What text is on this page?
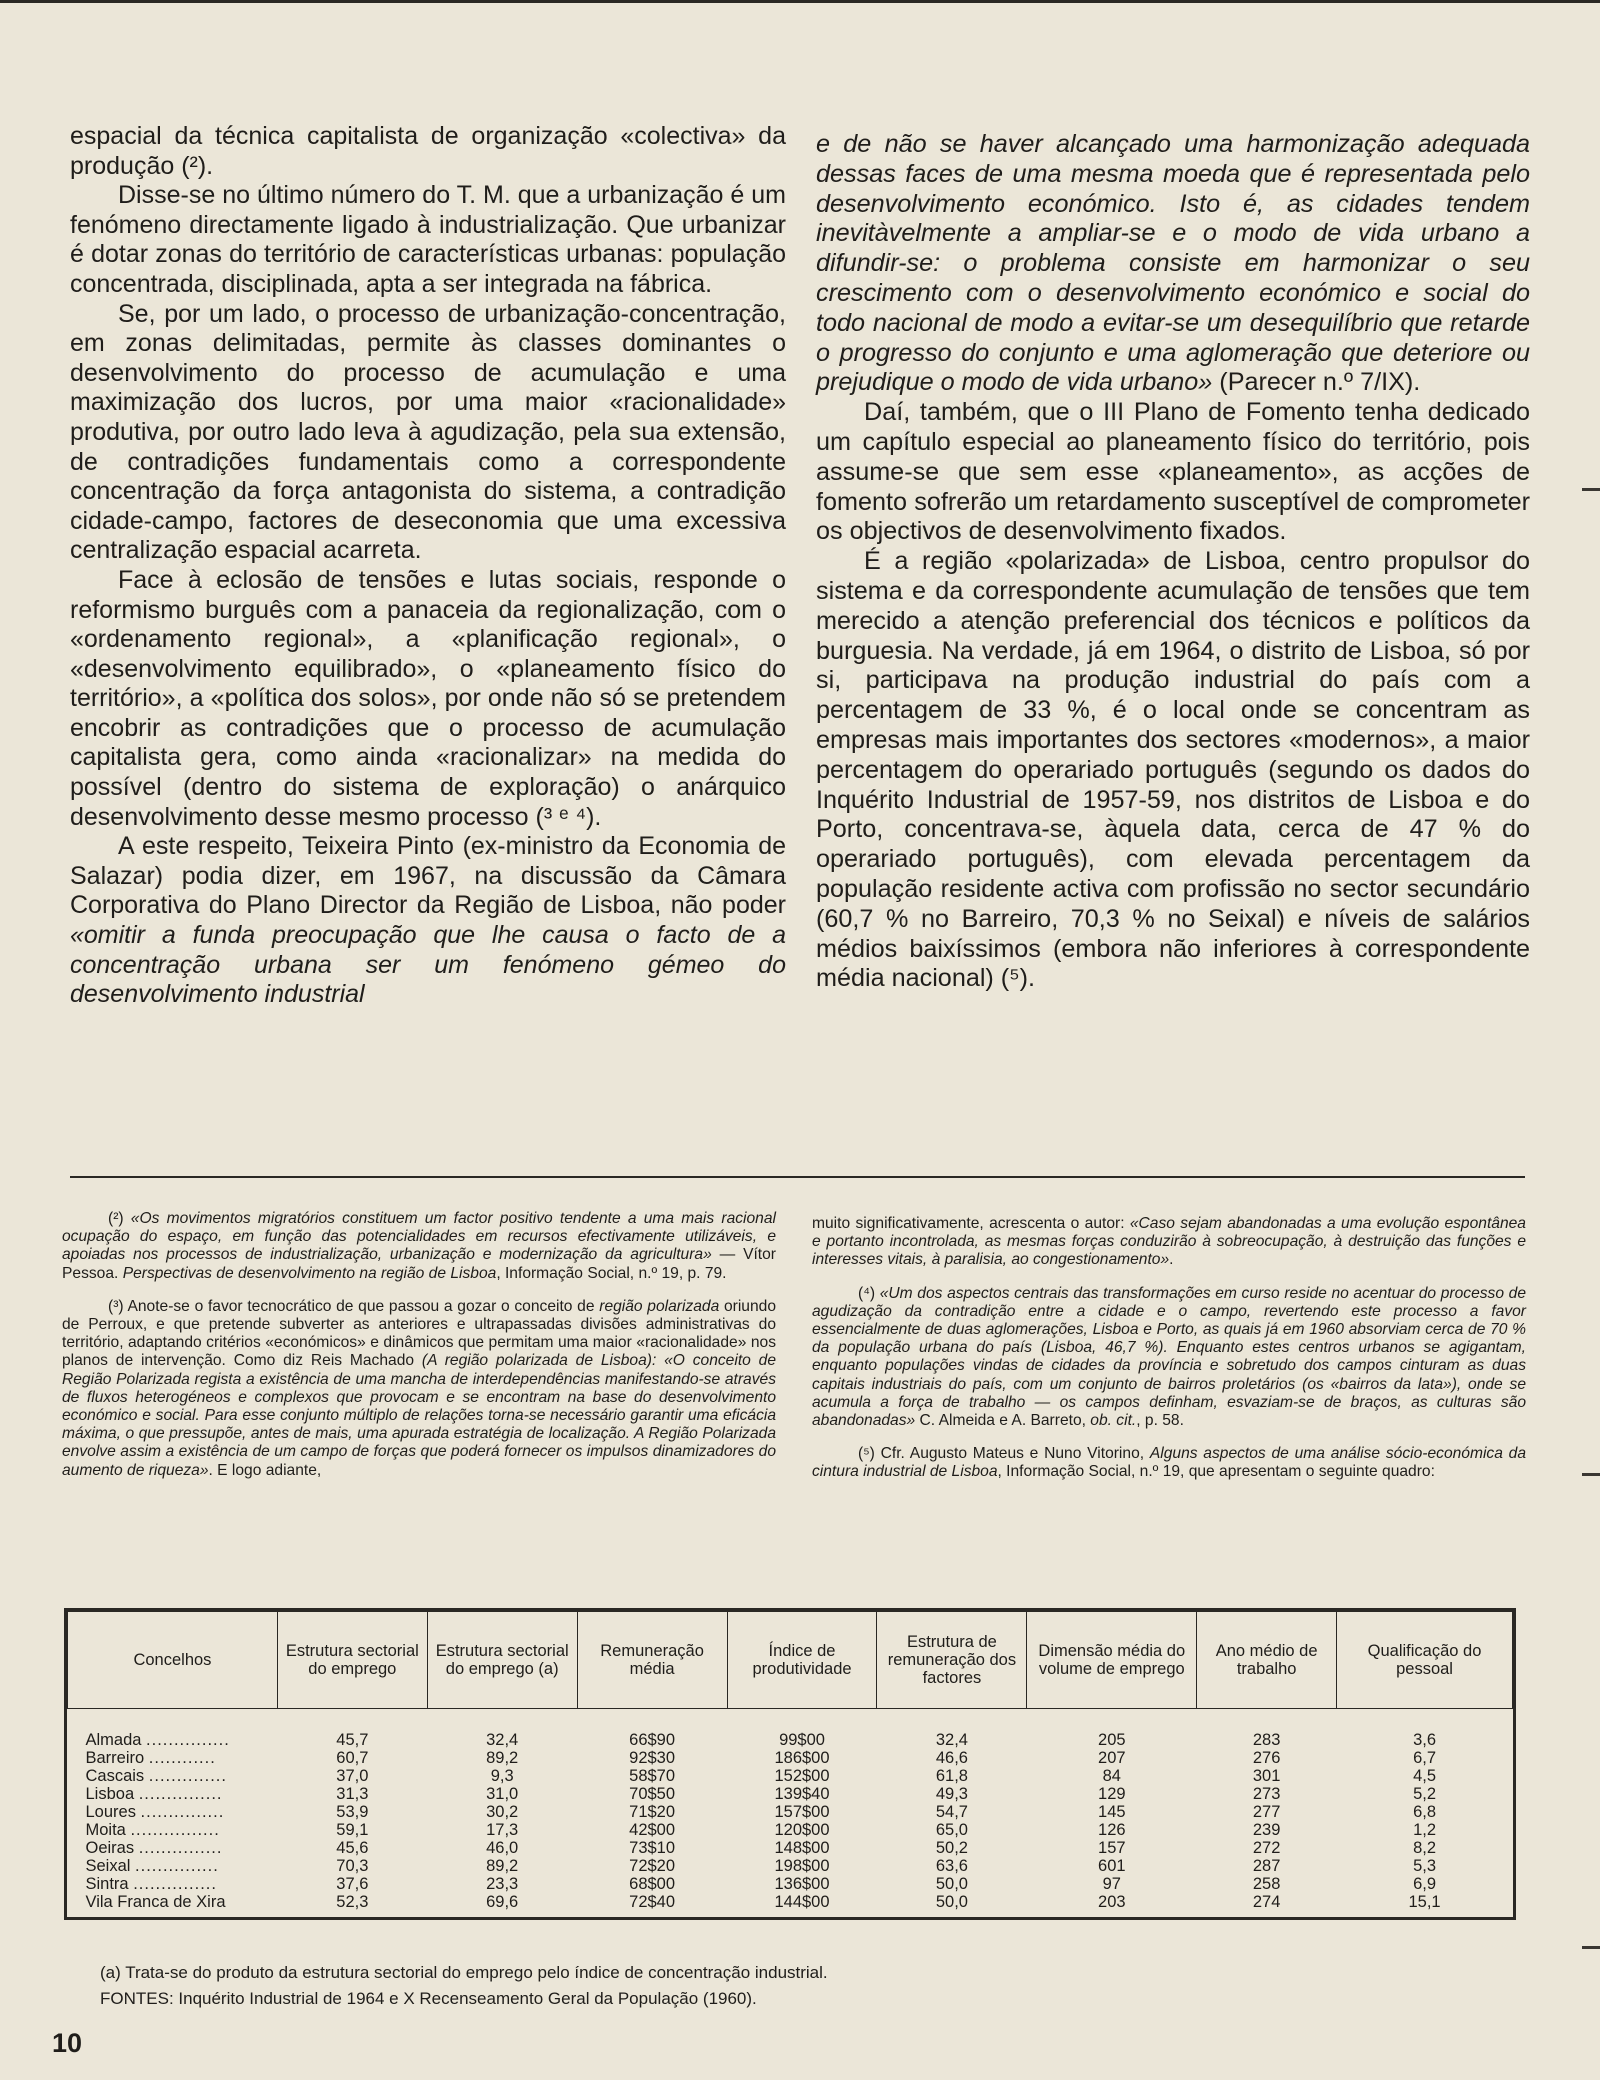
espacial da técnica capitalista de organização «colectiva» da produção (²).

Disse-se no último número do T. M. que a urbanização é um fenómeno directamente ligado à industrialização. Que urbanizar é dotar zonas do território de características urbanas: população concentrada, disciplinada, apta a ser integrada na fábrica.

Se, por um lado, o processo de urbanização-concentração, em zonas delimitadas, permite às classes dominantes o desenvolvimento do processo de acumulação e uma maximização dos lucros, por uma maior «racionalidade» produtiva, por outro lado leva à agudização, pela sua extensão, de contradições fundamentais como a correspondente concentração da força antagonista do sistema, a contradição cidade-campo, factores de deseconomia que uma excessiva centralização espacial acarreta.

Face à eclosão de tensões e lutas sociais, responde o reformismo burguês com a panaceia da regionalização, com o «ordenamento regional», a «planificação regional», o «desenvolvimento equilibrado», o «planeamento físico do território», a «política dos solos», por onde não só se pretendem encobrir as contradições que o processo de acumulação capitalista gera, como ainda «racionalizar» na medida do possível (dentro do sistema de exploração) o anárquico desenvolvimento desse mesmo processo (³ ᵉ ⁴).

A este respeito, Teixeira Pinto (ex-ministro da Economia de Salazar) podia dizer, em 1967, na discussão da Câmara Corporativa do Plano Director da Região de Lisboa, não poder «omitir a funda preocupação que lhe causa o facto de a concentração urbana ser um fenómeno gémeo do desenvolvimento industrial

e de não se haver alcançado uma harmonização adequada dessas faces de uma mesma moeda que é representada pelo desenvolvimento económico. Isto é, as cidades tendem inevitàvelmente a ampliar-se e o modo de vida urbano a difundir-se: o problema consiste em harmonizar o seu crescimento com o desenvolvimento económico e social do todo nacional de modo a evitar-se um desequilíbrio que retarde o progresso do conjunto e uma aglomeração que deteriore ou prejudique o modo de vida urbano» (Parecer n.º 7/IX).

Daí, também, que o III Plano de Fomento tenha dedicado um capítulo especial ao planeamento físico do território, pois assume-se que sem esse «planeamento», as acções de fomento sofrerão um retardamento susceptível de comprometer os objectivos de desenvolvimento fixados.

É a região «polarizada» de Lisboa, centro propulsor do sistema e da correspondente acumulação de tensões que tem merecido a atenção preferencial dos técnicos e políticos da burguesia. Na verdade, já em 1964, o distrito de Lisboa, só por si, participava na produção industrial do país com a percentagem de 33 %, é o local onde se concentram as empresas mais importantes dos sectores «modernos», a maior percentagem do operariado português (segundo os dados do Inquérito Industrial de 1957-59, nos distritos de Lisboa e do Porto, concentrava-se, àquela data, cerca de 47 % do operariado português), com elevada percentagem da população residente activa com profissão no sector secundário (60,7 % no Barreiro, 70,3 % no Seixal) e níveis de salários médios baixíssimos (embora não inferiores à correspondente média nacional) (⁵).

(²) «Os movimentos migratórios constituem um factor positivo tendente a uma mais racional ocupação do espaço, em função das potencialidades em recursos efectivamente utilizáveis, e apoiadas nos processos de industrialização, urbanização e modernização da agricultura» — Vítor Pessoa. Perspectivas de desenvolvimento na região de Lisboa, Informação Social, n.º 19, p. 79.

(³) Anote-se o favor tecnocrático de que passou a gozar o conceito de região polarizada oriundo de Perroux, e que pretende subverter as anteriores e ultrapassadas divisões administrativas do território, adaptando critérios «económicos» e dinâmicos que permitam uma maior «racionalidade» nos planos de intervenção. Como diz Reis Machado (A região polarizada de Lisboa): «O conceito de Região Polarizada regista a existência de uma mancha de interdependências manifestando-se através de fluxos heterogéneos e complexos que provocam e se encontram na base do desenvolvimento económico e social. Para esse conjunto múltiplo de relações torna-se necessário garantir uma eficácia máxima, o que pressupõe, antes de mais, uma apurada estratégia de localização. A Região Polarizada envolve assim a existência de um campo de forças que poderá fornecer os impulsos dinamizadores do aumento de riqueza». E logo adiante,

muito significativamente, acrescenta o autor: «Caso sejam abandonadas a uma evolução espontânea e portanto incontrolada, as mesmas forças conduzirão à sobreocupação, à destruição das funções e interesses vitais, à paralisia, ao congestionamento».

(⁴) «Um dos aspectos centrais das transformações em curso reside no acentuar do processo de agudização da contradição entre a cidade e o campo, revertendo este processo a favor essencialmente de duas aglomerações, Lisboa e Porto, as quais já em 1960 absorviam cerca de 70 % da população urbana do país (Lisboa, 46,7 %). Enquanto estes centros urbanos se agigantam, enquanto populações vindas de cidades da província e sobretudo dos campos cinturam as duas capitais industriais do país, com um conjunto de bairros proletários (os «bairros da lata»), onde se acumula a força de trabalho — os campos definham, esvaziam-se de braços, as culturas são abandonadas» C. Almeida e A. Barreto, ob. cit., p. 58.

(⁵) Cfr. Augusto Mateus e Nuno Vitorino, Alguns aspectos de uma análise sócio-económica da cintura industrial de Lisboa, Informação Social, n.º 19, que apresentam o seguinte quadro:

Concelhos	Estrutura sectorial do emprego	Estrutura sectorial do emprego (a)	Remuneração média	Índice de produtividade	Estrutura de remuneração dos factores	Dimensão média do volume de emprego	Ano médio de trabalho	Qualificação do pessoal
Almada ...............	45,7	32,4	66$90	99$00	32,4	205	283	3,6
Barreiro ............	60,7	89,2	92$30	186$00	46,6	207	276	6,7
Cascais ..............	37,0	9,3	58$70	152$00	61,8	84	301	4,5
Lisboa ...............	31,3	31,0	70$50	139$40	49,3	129	273	5,2
Loures ...............	53,9	30,2	71$20	157$00	54,7	145	277	6,8
Moita ................	59,1	17,3	42$00	120$00	65,0	126	239	1,2
Oeiras ...............	45,6	46,0	73$10	148$00	50,2	157	272	8,2
Seixal ...............	70,3	89,2	72$20	198$00	63,6	601	287	5,3
Sintra ...............	37,6	23,3	68$00	136$00	50,0	97	258	6,9
Vila Franca de Xira	52,3	69,6	72$40	144$00	50,0	203	274	15,1

(a) Trata-se do produto da estrutura sectorial do emprego pelo índice de concentração industrial.

FONTES: Inquérito Industrial de 1964 e X Recenseamento Geral da População (1960).

10
